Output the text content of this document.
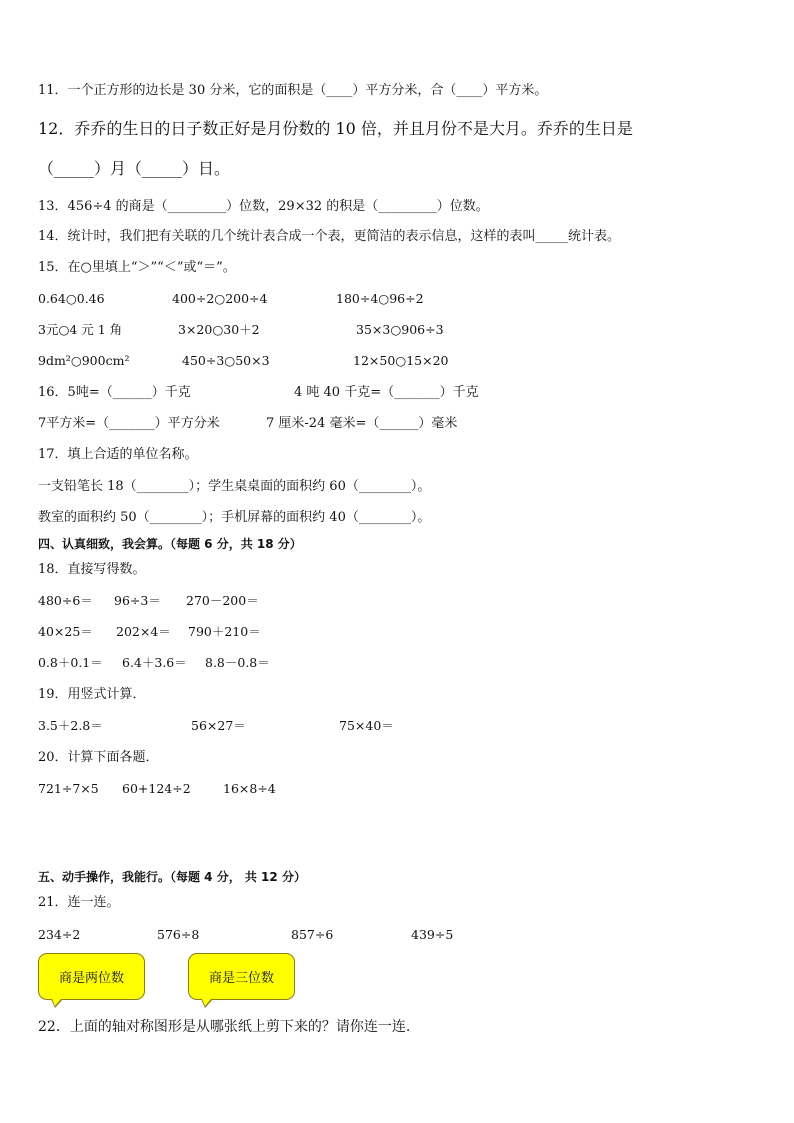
11．一个正方形的边长是 30 分米，它的面积是（____）平方分米，合（____）平方米。
12．乔乔的生日的日子数正好是月份数的 10 倍，并且月份不是大月。乔乔的生日是
（_____）月（_____）日。
13．456÷4 的商是（_________）位数，29×32 的积是（_________）位数。
14．统计时，我们把有关联的几个统计表合成一个表，更简洁的表示信息，这样的表叫_____统计表。
15．在○里填上“＞”“＜”或“＝”。
0.64○0.46	400÷2○200÷4	180÷4○96÷2
3元○4 元 1 角	3×20○30＋2	35×3○906÷3
9dm²○900cm²	450÷3○50×3	12×50○15×20
16．5吨=（______）千克	4 吨 40 千克=（_______）千克
7平方米=（_______）平方分米	7 厘米-24 毫米=（______）毫米
17．填上合适的单位名称。
一支铅笔长 18（________）；学生桌桌面的面积约 60（________）。
教室的面积约 50（________）；手机屏幕的面积约 40（________）。
四、认真细致，我会算。（每题 6 分，共 18 分）
18．直接写得数。
480÷6＝ 96÷3＝ 270－200＝
40×25＝ 202×4＝ 790＋210＝
0.8＋0.1＝ 6.4＋3.6＝ 8.8－0.8＝
19．用竖式计算．
3.5＋2.8＝	56×27＝	75×40＝
20．计算下面各题．
721÷7×5 60+124÷2	16×8÷4
五、动手操作，我能行。（每题 4 分， 共 12 分）
21．连一连。
234÷2	576÷8	857÷6	439÷5
商是两位数	商是三位数
22．上面的轴对称图形是从哪张纸上剪下来的？请你连一连.
